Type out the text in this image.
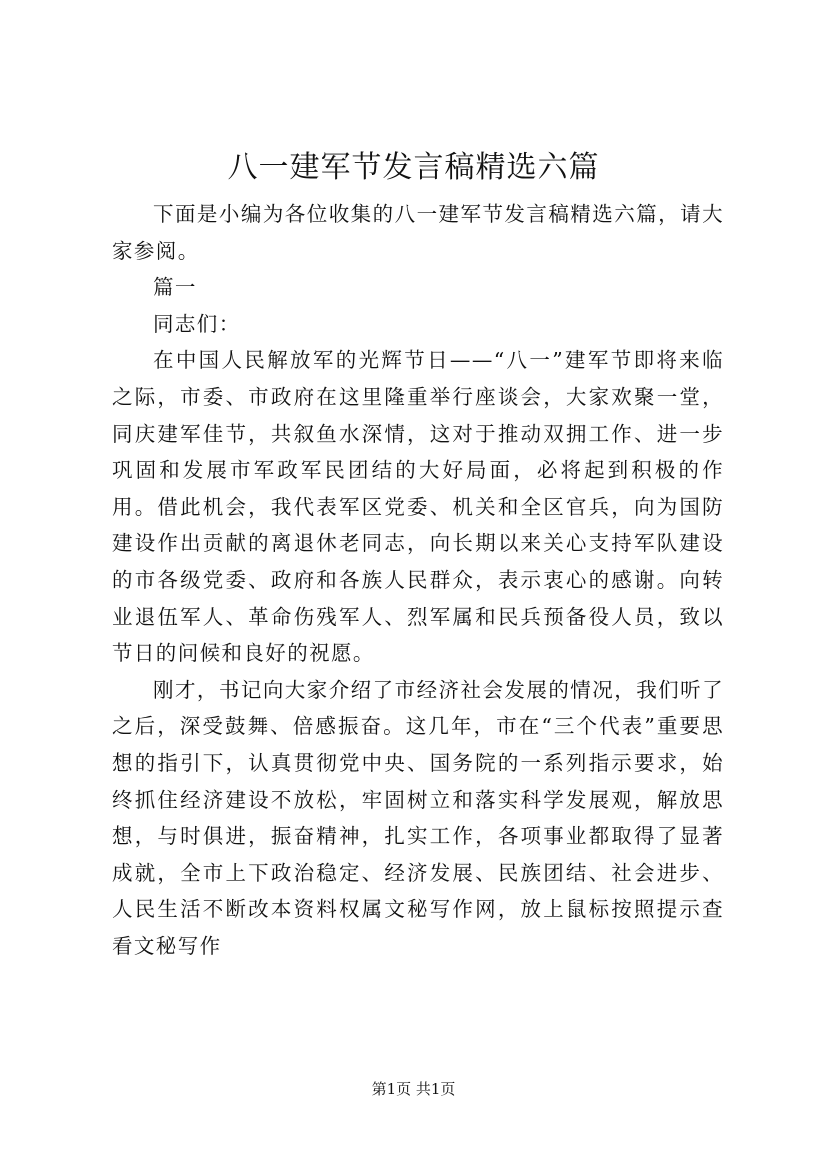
八一建军节发言稿精选六篇

下面是小编为各位收集的八一建军节发言稿精选六篇，请大家参阅。

篇一

同志们：

在中国人民解放军的光辉节日——“八一”建军节即将来临之际，市委、市政府在这里隆重举行座谈会，大家欢聚一堂，同庆建军佳节，共叙鱼水深情，这对于推动双拥工作、进一步巩固和发展市军政军民团结的大好局面，必将起到积极的作用。借此机会，我代表军区党委、机关和全区官兵，向为国防建设作出贡献的离退休老同志，向长期以来关心支持军队建设的市各级党委、政府和各族人民群众，表示衷心的感谢。向转业退伍军人、革命伤残军人、烈军属和民兵预备役人员，致以节日的问候和良好的祝愿。

刚才，书记向大家介绍了市经济社会发展的情况，我们听了之后，深受鼓舞、倍感振奋。这几年，市在“三个代表”重要思想的指引下，认真贯彻党中央、国务院的一系列指示要求，始终抓住经济建设不放松，牢固树立和落实科学发展观，解放思想，与时俱进，振奋精神，扎实工作，各项事业都取得了显著成就，全市上下政治稳定、经济发展、民族团结、社会进步、人民生活不断改本资料权属文秘写作网，放上鼠标按照提示查看文秘写作

第1页 共1页
